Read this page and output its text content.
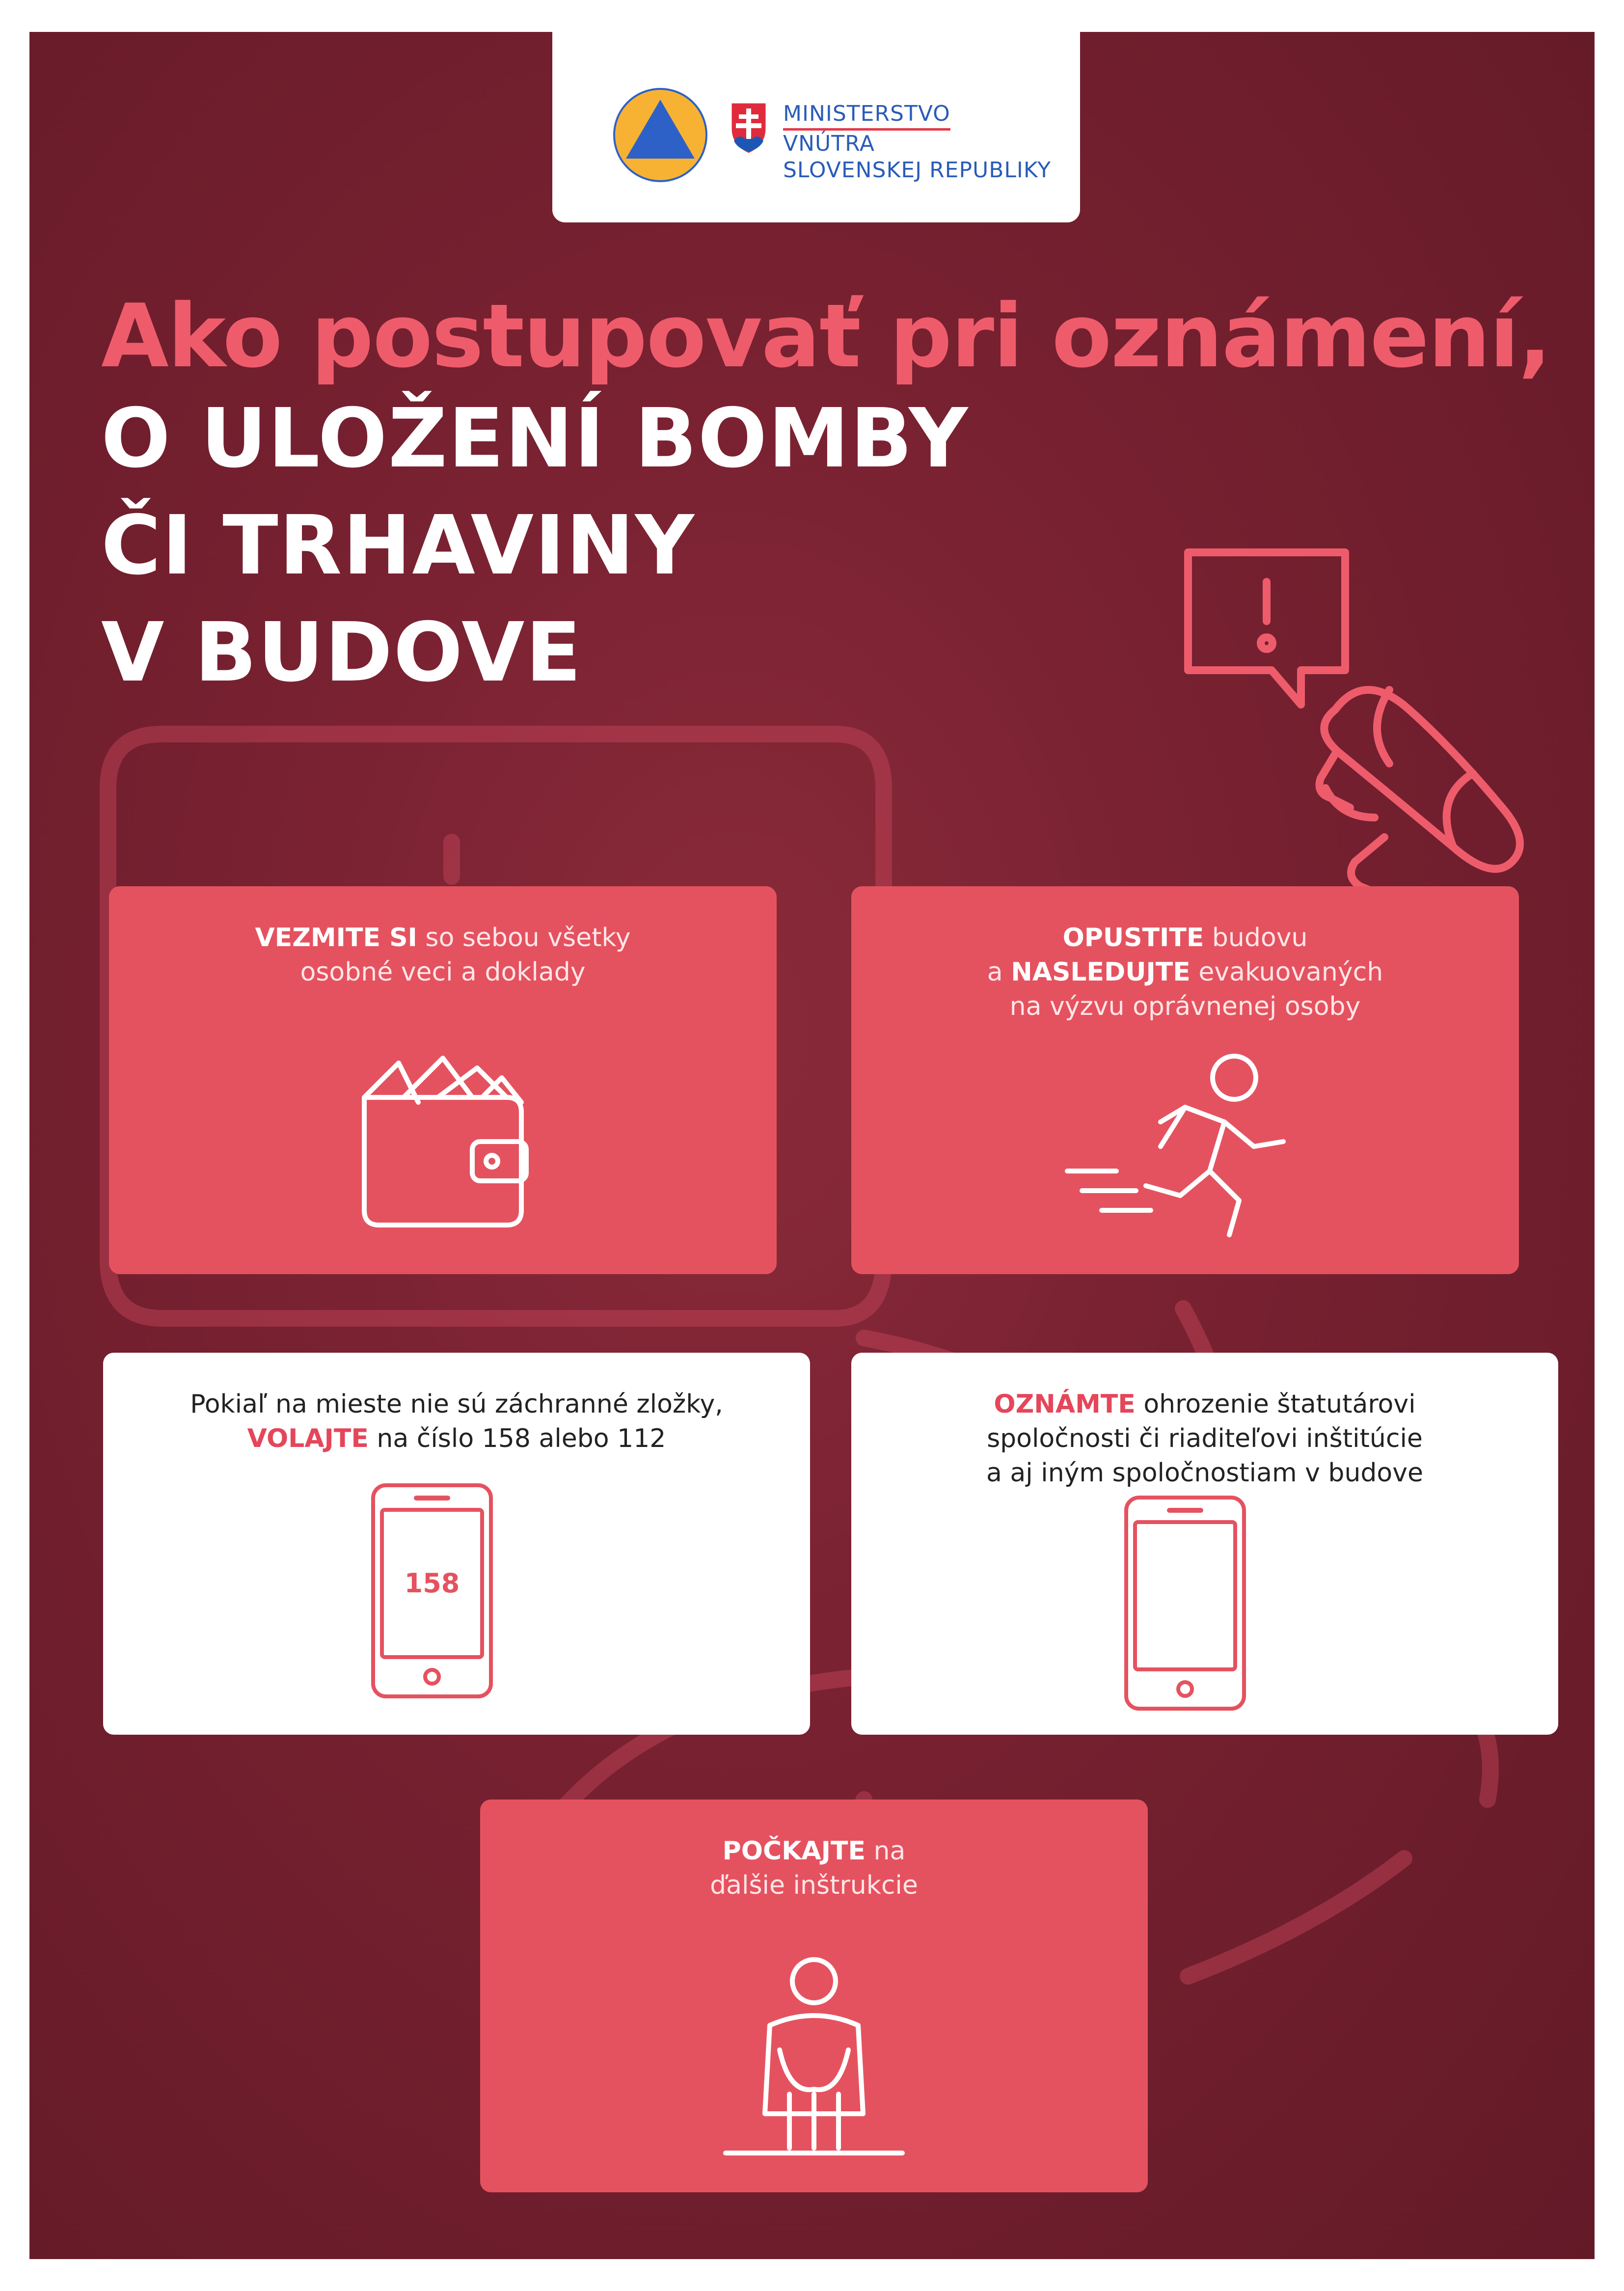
MINISTERSTVO
VNÚTRA
SLOVENSKEJ REPUBLIKY
Ako postupovať pri oznámení,
O ULOŽENÍ BOMBY
ČI TRHAVINY
V BUDOVE
VEZMITE SI so sebou všetky
osobné veci a doklady
OPUSTITE budovu
a NASLEDUJTE evakuovaných
na výzvu oprávnenej osoby
Pokiaľ na mieste nie sú záchranné zložky,
VOLAJTE na číslo 158 alebo 112
158
OZNÁMTE ohrozenie štatutárovi
spoločnosti či riaditeľovi inštitúcie
a aj iným spoločnostiam v budove
POČKAJTE na
ďalšie inštrukcie
